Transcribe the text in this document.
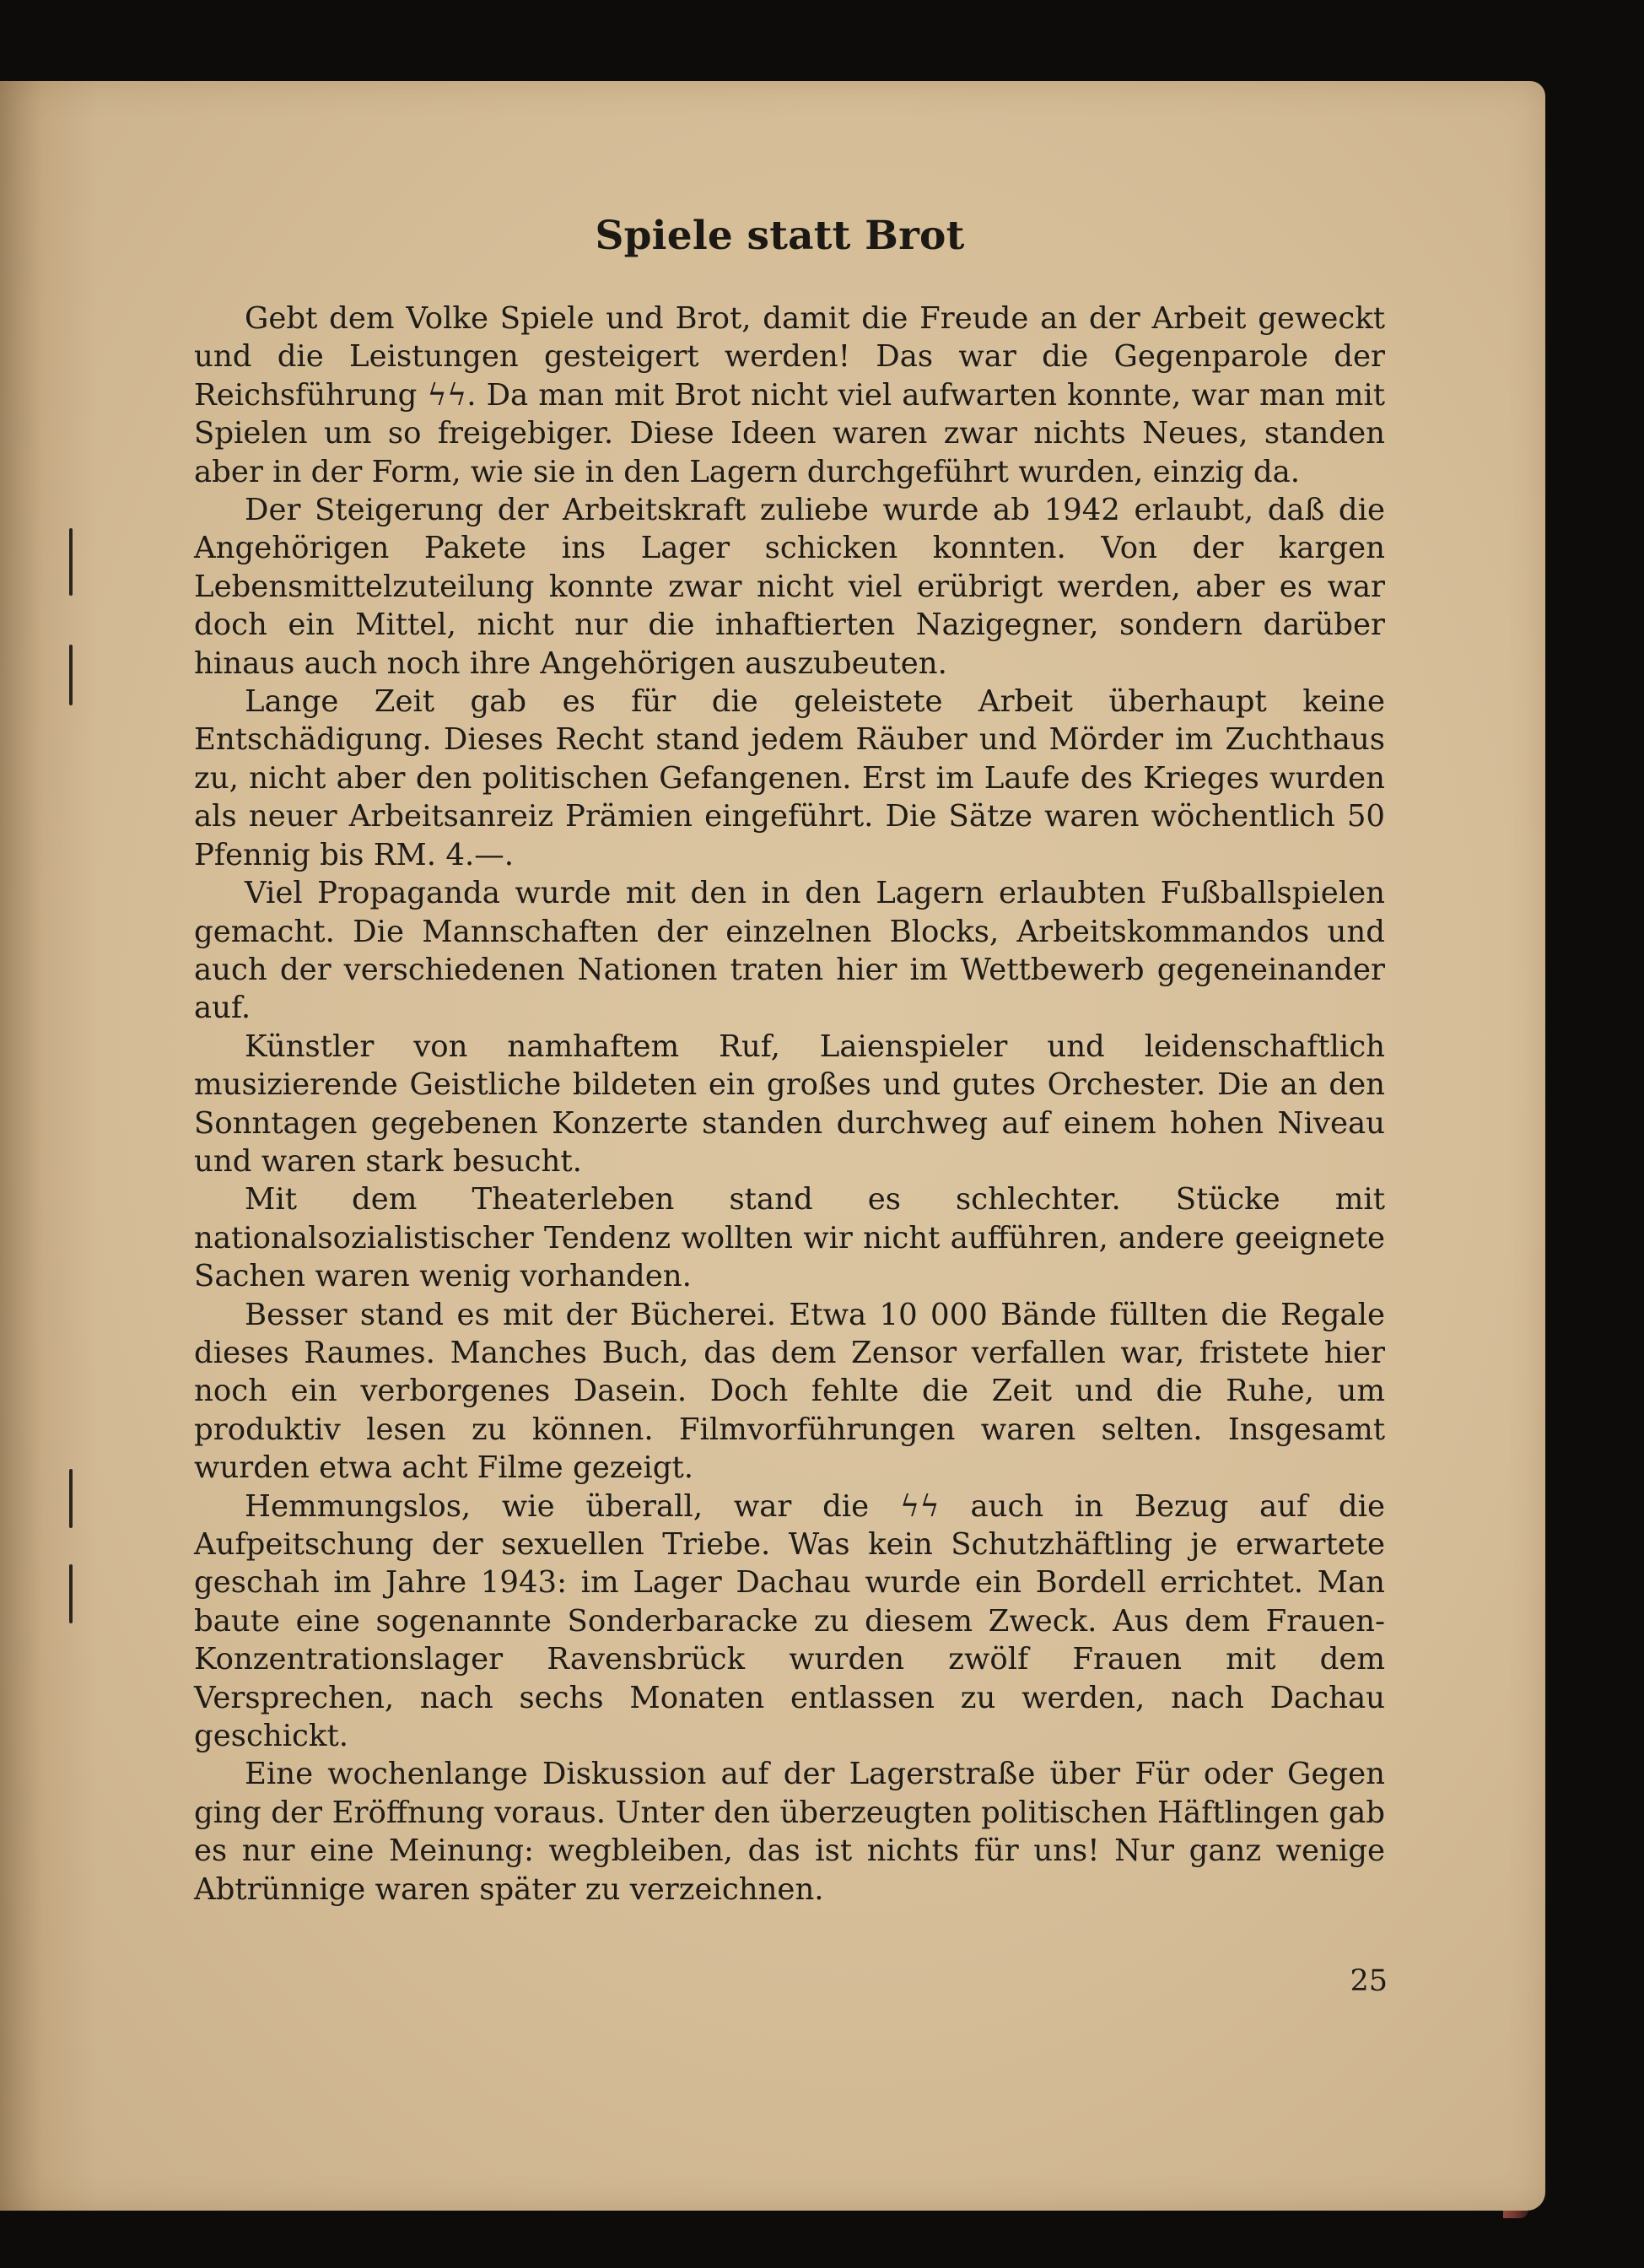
Spiele statt Brot

Gebt dem Volke Spiele und Brot, damit die Freude an der Arbeit geweckt und die Leistungen gesteigert werden! Das war die Gegenparole der Reichsführung ϟϟ. Da man mit Brot nicht viel aufwarten konnte, war man mit Spielen um so freigebiger. Diese Ideen waren zwar nichts Neues, standen aber in der Form, wie sie in den Lagern durchgeführt wurden, einzig da.

Der Steigerung der Arbeitskraft zuliebe wurde ab 1942 erlaubt, daß die Angehörigen Pakete ins Lager schicken konnten. Von der kargen Lebensmittelzuteilung konnte zwar nicht viel erübrigt werden, aber es war doch ein Mittel, nicht nur die inhaftierten Nazigegner, sondern darüber hinaus auch noch ihre Angehörigen auszubeuten.

Lange Zeit gab es für die geleistete Arbeit überhaupt keine Entschädigung. Dieses Recht stand jedem Räuber und Mörder im Zuchthaus zu, nicht aber den politischen Gefangenen. Erst im Laufe des Krieges wurden als neuer Arbeitsanreiz Prämien eingeführt. Die Sätze waren wöchentlich 50 Pfennig bis RM. 4.—.

Viel Propaganda wurde mit den in den Lagern erlaubten Fußballspielen gemacht. Die Mannschaften der einzelnen Blocks, Arbeitskommandos und auch der verschiedenen Nationen traten hier im Wettbewerb gegeneinander auf.

Künstler von namhaftem Ruf, Laienspieler und leidenschaftlich musizierende Geistliche bildeten ein großes und gutes Orchester. Die an den Sonntagen gegebenen Konzerte standen durchweg auf einem hohen Niveau und waren stark besucht.

Mit dem Theaterleben stand es schlechter. Stücke mit nationalsozialistischer Tendenz wollten wir nicht aufführen, andere geeignete Sachen waren wenig vorhanden.

Besser stand es mit der Bücherei. Etwa 10 000 Bände füllten die Regale dieses Raumes. Manches Buch, das dem Zensor verfallen war, fristete hier noch ein verborgenes Dasein. Doch fehlte die Zeit und die Ruhe, um produktiv lesen zu können. Filmvorführungen waren selten. Insgesamt wurden etwa acht Filme gezeigt.

Hemmungslos, wie überall, war die ϟϟ auch in Bezug auf die Aufpeitschung der sexuellen Triebe. Was kein Schutzhäftling je erwartete geschah im Jahre 1943: im Lager Dachau wurde ein Bordell errichtet. Man baute eine sogenannte Sonderbaracke zu diesem Zweck. Aus dem Frauen-Konzentrationslager Ravensbrück wurden zwölf Frauen mit dem Versprechen, nach sechs Monaten entlassen zu werden, nach Dachau geschickt.

Eine wochenlange Diskussion auf der Lagerstraße über Für oder Gegen ging der Eröffnung voraus. Unter den überzeugten politischen Häftlingen gab es nur eine Meinung: wegbleiben, das ist nichts für uns! Nur ganz wenige Abtrünnige waren später zu verzeichnen.

25
